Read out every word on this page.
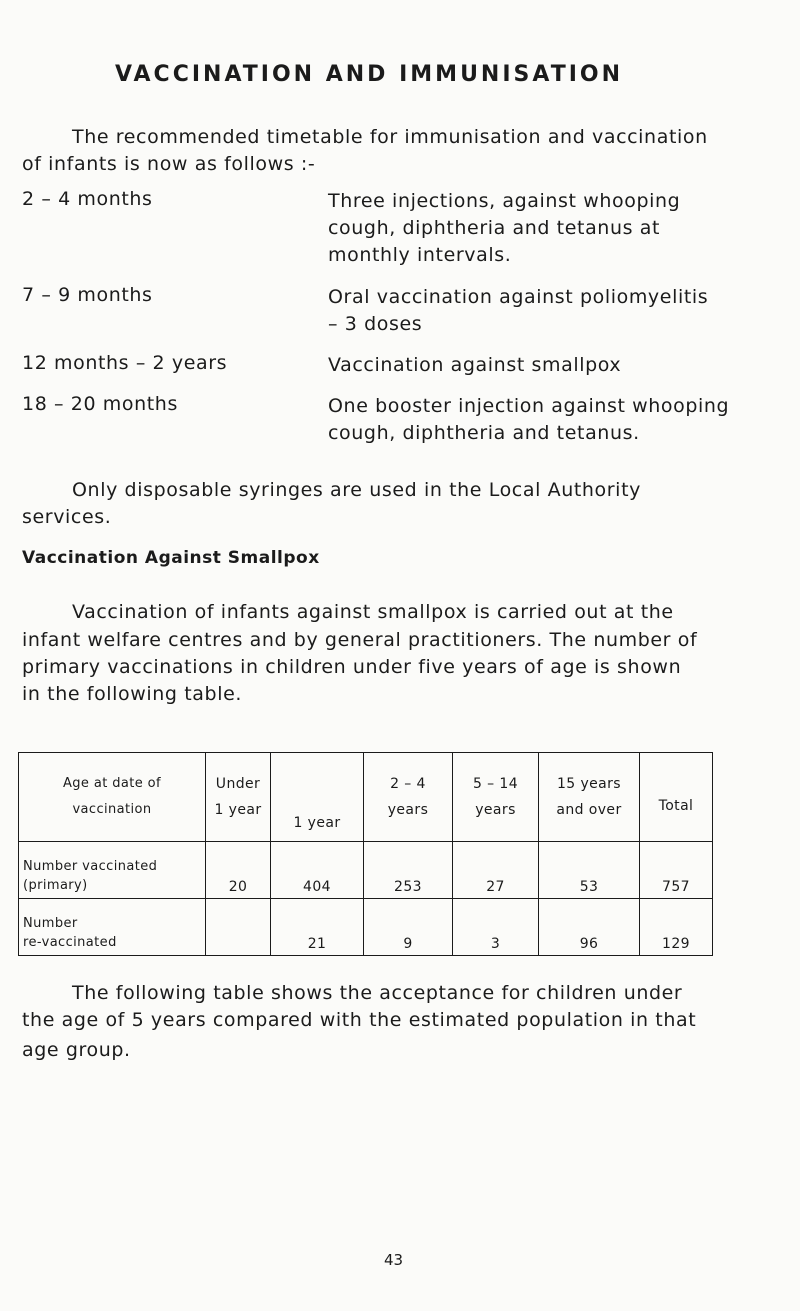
VACCINATION AND IMMUNISATION
The recommended timetable for immunisation and vaccination
of infants is now as follows :-
2 – 4 months	Three injections, against whooping
cough, diphtheria and tetanus at
monthly intervals.
7 – 9 months	Oral vaccination against poliomyelitis
– 3 doses
12 months – 2 years	Vaccination against smallpox
18 – 20 months	One booster injection against whooping
cough, diphtheria and tetanus.
Only disposable syringes are used in the Local Authority
services.
Vaccination Against Smallpox
Vaccination of infants against smallpox is carried out at the
infant welfare centres and by general practitioners. The number of
primary vaccinations in children under five years of age is shown
in the following table.
Age at date of
vaccination	Under
1 year	1 year	2 – 4
years	5 – 14
years	15 years
and over	Total

Number vaccinated
(primary)	20	404	253	27	53	757

Number
re-vaccinated		21	9	3	96	129
The following table shows the acceptance for children under
the age of 5 years compared with the estimated population in that
age group.
43
